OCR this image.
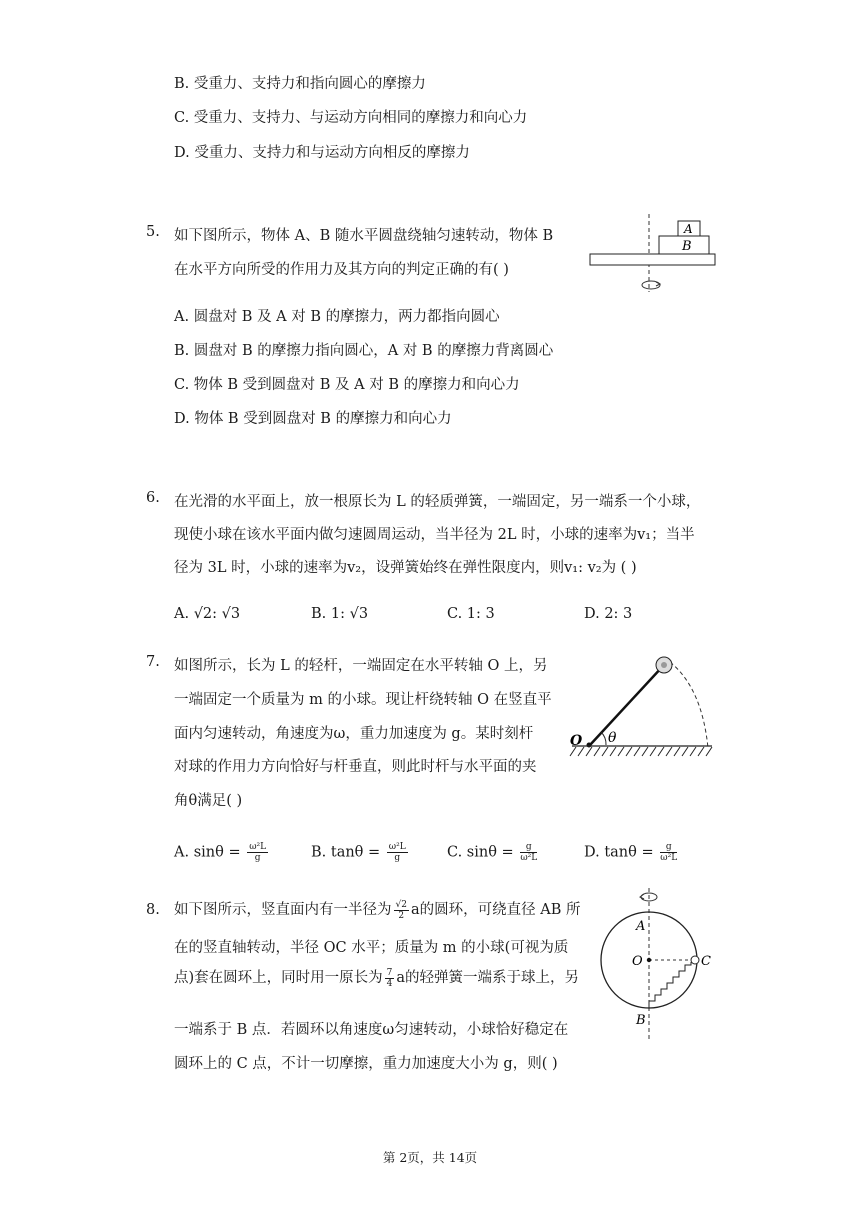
B. 受重力、支持力和指向圆心的摩擦力
C. 受重力、支持力、与运动方向相同的摩擦力和向心力
D. 受重力、支持力和与运动方向相反的摩擦力
5. 如下图所示，物体 A、B 随水平圆盘绕轴匀速转动，物体 B
在水平方向所受的作用力及其方向的判定正确的有( )
A
B
A. 圆盘对 B 及 A 对 B 的摩擦力，两力都指向圆心
B. 圆盘对 B 的摩擦力指向圆心，A 对 B 的摩擦力背离圆心
C. 物体 B 受到圆盘对 B 及 A 对 B 的摩擦力和向心力
D. 物体 B 受到圆盘对 B 的摩擦力和向心力
6. 在光滑的水平面上，放一根原长为 L 的轻质弹簧，一端固定，另一端系一个小球，
现使小球在该水平面内做匀速圆周运动，当半径为 2L 时，小球的速率为v₁；当半
径为 3L 时，小球的速率为v₂，设弹簧始终在弹性限度内，则v₁: v₂为 ( )
A. √2: √3	B. 1: √3	C. 1: 3	D. 2: 3
7. 如图所示，长为 L 的轻杆，一端固定在水平转轴 O 上，另
一端固定一个质量为 m 的小球。现让杆绕转轴 O 在竖直平
面内匀速转动，角速度为ω，重力加速度为 g。某时刻杆
对球的作用力方向恰好与杆垂直，则此时杆与水平面的夹
角θ满足( )
O θ
A. $\sin\theta = \frac{\text{ω²L}}{g}$	B. $\tan\theta = \frac{\text{ω²L}}{g}$	C. $\sin\theta = \frac{g}{\text{ω²L}}$	D. $\tan\theta = \frac{g}{\text{ω²L}}$
8. 如下图所示，竖直面内有一半径为 $\frac{√2}{2}$ a的圆环，可绕直径 AB 所
在的竖直轴转动，半径 OC 水平；质量为 m 的小球(可视为质
点)套在圆环上，同时用一原长为 $\frac{7}{4}$ a的轻弹簧一端系于球上，另
一端系于 B 点．若圆环以角速度ω匀速转动，小球恰好稳定在
圆环上的 C 点，不计一切摩擦，重力加速度大小为 g，则( )
A
O	C
B
第 2页，共 14页
